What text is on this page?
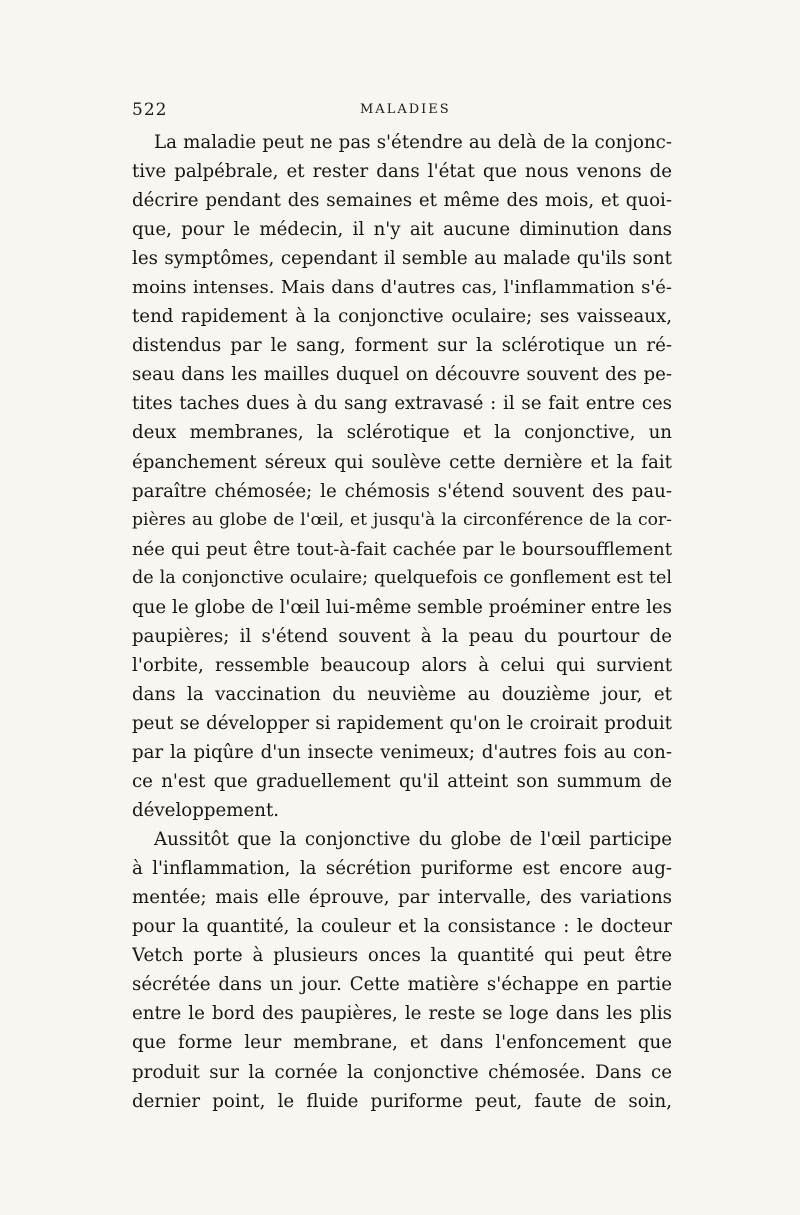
522	MALADIES
La maladie peut ne pas s'étendre au delà de la conjonc-
tive palpébrale, et rester dans l'état que nous venons de
décrire pendant des semaines et même des mois, et quoi-
que, pour le médecin, il n'y ait aucune diminution dans
les symptômes, cependant il semble au malade qu'ils sont
moins intenses. Mais dans d'autres cas, l'inflammation s'é-
tend rapidement à la conjonctive oculaire; ses vaisseaux,
distendus par le sang, forment sur la sclérotique un ré-
seau dans les mailles duquel on découvre souvent des pe-
tites taches dues à du sang extravasé : il se fait entre ces
deux membranes, la sclérotique et la conjonctive, un
épanchement séreux qui soulève cette dernière et la fait
paraître chémosée; le chémosis s'étend souvent des pau-
pières au globe de l'œil, et jusqu'à la circonférence de la cor-
née qui peut être tout-à-fait cachée par le boursoufflement
de la conjonctive oculaire; quelquefois ce gonflement est tel
que le globe de l'œil lui-même semble proéminer entre les
paupières; il s'étend souvent à la peau du pourtour de
l'orbite, ressemble beaucoup alors à celui qui survient
dans la vaccination du neuvième au douzième jour, et
peut se développer si rapidement qu'on le croirait produit
par la piqûre d'un insecte venimeux; d'autres fois au con-
ce n'est que graduellement qu'il atteint son summum de
développement.
Aussitôt que la conjonctive du globe de l'œil participe
à l'inflammation, la sécrétion puriforme est encore aug-
mentée; mais elle éprouve, par intervalle, des variations
pour la quantité, la couleur et la consistance : le docteur
Vetch porte à plusieurs onces la quantité qui peut être
sécrétée dans un jour. Cette matière s'échappe en partie
entre le bord des paupières, le reste se loge dans les plis
que forme leur membrane, et dans l'enfoncement que
produit sur la cornée la conjonctive chémosée. Dans ce
dernier point, le fluide puriforme peut, faute de soin,
